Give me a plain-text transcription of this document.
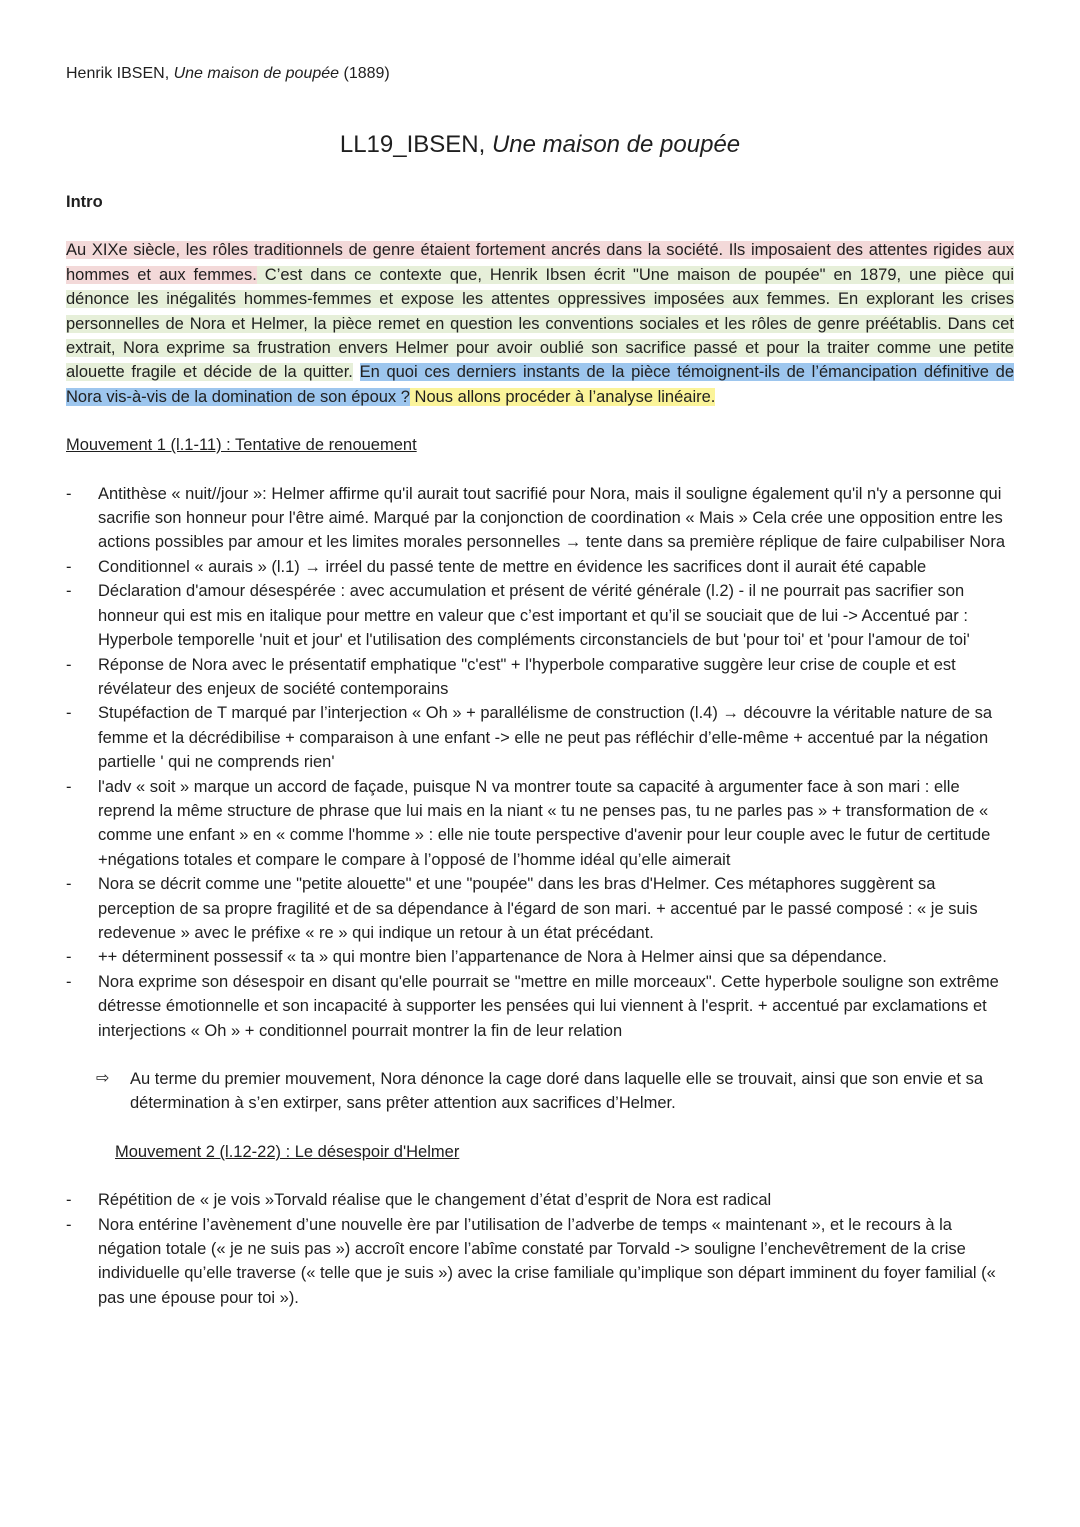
Henrik IBSEN, Une maison de poupée (1889)

LL19_IBSEN, Une maison de poupée
Intro

Au XIXe siècle, les rôles traditionnels de genre étaient fortement ancrés dans la société. Ils imposaient des attentes rigides aux hommes et aux femmes. C’est dans ce contexte que, Henrik Ibsen écrit "Une maison de poupée" en 1879, une pièce qui dénonce les inégalités hommes-femmes et expose les attentes oppressives imposées aux femmes. En explorant les crises personnelles de Nora et Helmer, la pièce remet en question les conventions sociales et les rôles de genre préétablis. Dans cet extrait, Nora exprime sa frustration envers Helmer pour avoir oublié son sacrifice passé et pour la traiter comme une petite alouette fragile et décide de la quitter. En quoi ces derniers instants de la pièce témoignent-ils de l’émancipation définitive de Nora vis-à-vis de la domination de son époux ? Nous allons procéder à l’analyse linéaire.

Mouvement 1 (l.1-11) : Tentative de renouement
- Antithèse « nuit//jour »: Helmer affirme qu'il aurait tout sacrifié pour Nora, mais il souligne également qu'il n'y a personne qui sacrifie son honneur pour l'être aimé. Marqué par la conjonction de coordination « Mais » Cela crée une opposition entre les actions possibles par amour et les limites morales personnelles → tente dans sa première réplique de faire culpabiliser Nora
- Conditionnel « aurais » (l.1) → irréel du passé tente de mettre en évidence les sacrifices dont il aurait été capable
- Déclaration d'amour désespérée : avec accumulation et présent de vérité générale (l.2) - il ne pourrait pas sacrifier son honneur qui est mis en italique pour mettre en valeur que c’est important et qu’il se souciait que de lui -> Accentué par : Hyperbole temporelle 'nuit et jour' et l'utilisation des compléments circonstanciels de but 'pour toi' et 'pour l'amour de toi'
- Réponse de Nora avec le présentatif emphatique "c'est" + l'hyperbole comparative suggère leur crise de couple et est révélateur des enjeux de société contemporains
- Stupéfaction de T marqué par l’interjection « Oh » + parallélisme de construction (l.4) → découvre la véritable nature de sa femme et la décrédibilise + comparaison à une enfant -> elle ne peut pas réfléchir d’elle-même + accentué par la négation partielle ' qui ne comprends rien'
- l'adv « soit » marque un accord de façade, puisque N va montrer toute sa capacité à argumenter face à son mari : elle reprend la même structure de phrase que lui mais en la niant « tu ne penses pas, tu ne parles pas » + transformation de « comme une enfant » en « comme l'homme » : elle nie toute perspective d'avenir pour leur couple avec le futur de certitude +négations totales et compare le compare à l’opposé de l’homme idéal qu’elle aimerait
- Nora se décrit comme une "petite alouette" et une "poupée" dans les bras d'Helmer. Ces métaphores suggèrent sa perception de sa propre fragilité et de sa dépendance à l'égard de son mari. + accentué par le passé composé : « je suis redevenue » avec le préfixe « re » qui indique un retour à un état précédant.
- ++ déterminent possessif « ta » qui montre bien l’appartenance de Nora à Helmer ainsi que sa dépendance.
- Nora exprime son désespoir en disant qu'elle pourrait se "mettre en mille morceaux". Cette hyperbole souligne son extrême détresse émotionnelle et son incapacité à supporter les pensées qui lui viennent à l'esprit. + accentué par exclamations et interjections « Oh » + conditionnel pourrait montrer la fin de leur relation
⇨ Au terme du premier mouvement, Nora dénonce la cage doré dans laquelle elle se trouvait, ainsi que son envie et sa détermination à s’en extirper, sans prêter attention aux sacrifices d’Helmer.
Mouvement 2 (l.12-22) : Le désespoir d'Helmer
- Répétition de « je vois »Torvald réalise que le changement d’état d’esprit de Nora est radical
- Nora entérine l’avènement d’une nouvelle ère par l’utilisation de l’adverbe de temps « maintenant », et le recours à la négation totale (« je ne suis pas ») accroît encore l’abîme constaté par Torvald -> souligne l’enchevêtrement de la crise individuelle qu’elle traverse (« telle que je suis ») avec la crise familiale qu’implique son départ imminent du foyer familial (« pas une épouse pour toi »).
